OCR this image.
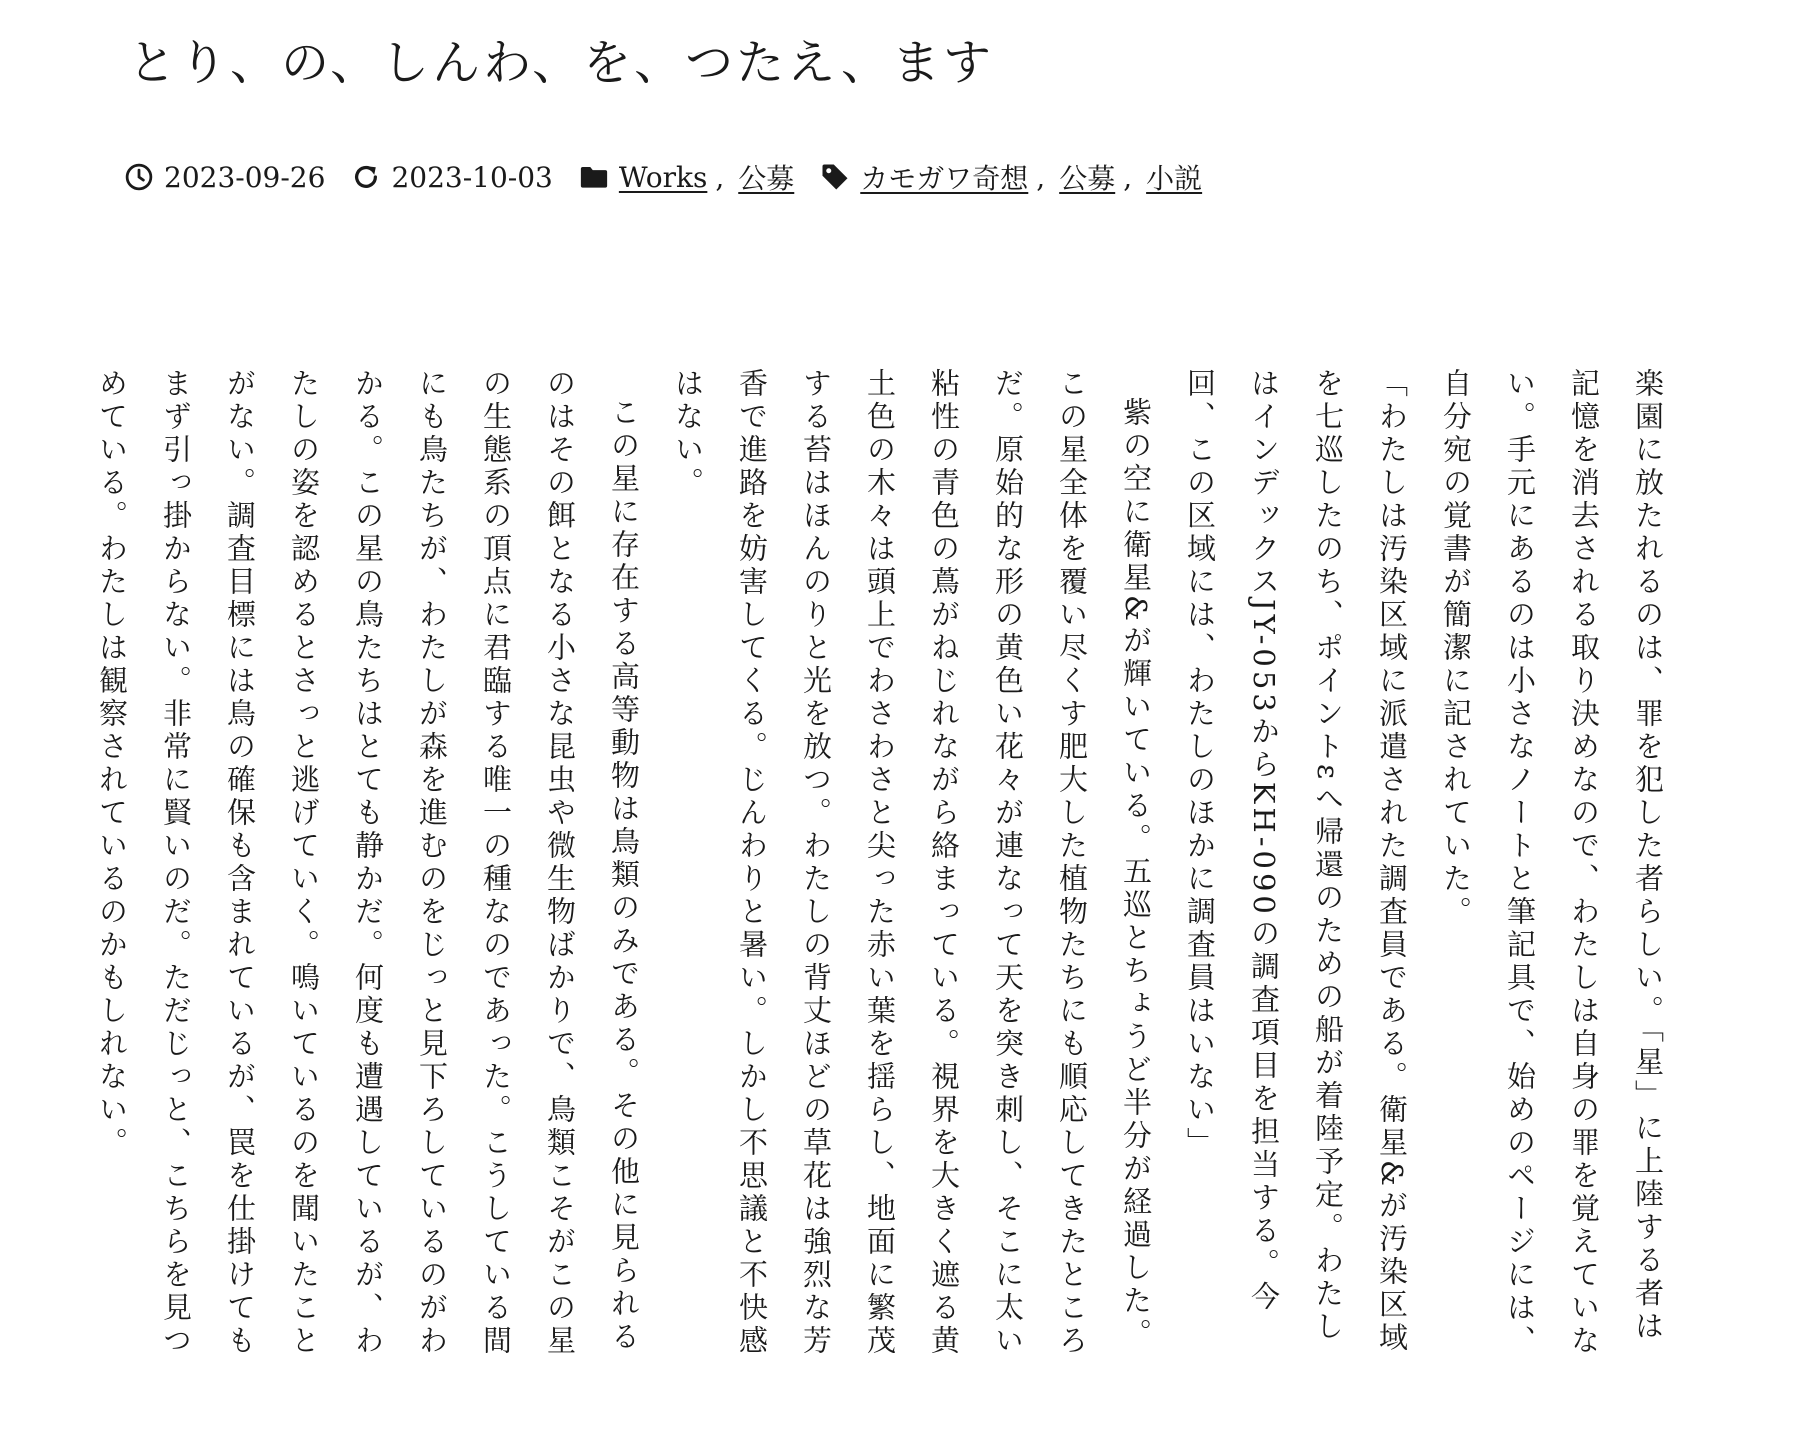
とり、の、しんわ、を、つたえ、ます
2023-09-26 2023-10-03 Works , 公募 カモガワ奇想 , 公募 , 小説

楽園に放たれるのは、罪を犯した者らしい。「星」に上陸する者は記憶を消去される取り決めなので、わたしは自身の罪を覚えていない。手元にあるのは小さなノートと筆記具で、始めのページには、自分宛の覚書が簡潔に記されていた。

「わたしは汚染区域に派遣された調査員である。衛星&が汚染区域を七巡したのち、ポイントεへ帰還のための船が着陸予定。わたしはインデックスJY-053からKH-090の調査項目を担当する。今回、この区域には、わたしのほかに調査員はいない」

紫の空に衛星&が輝いている。五巡とちょうど半分が経過した。この星全体を覆い尽くす肥大した植物たちにも順応してきたところだ。原始的な形の黄色い花々が連なって天を突き刺し、そこに太い粘性の青色の蔦がねじれながら絡まっている。視界を大きく遮る黄土色の木々は頭上でわさわさと尖った赤い葉を揺らし、地面に繁茂する苔はほんのりと光を放つ。わたしの背丈ほどの草花は強烈な芳香で進路を妨害してくる。じんわりと暑い。しかし不思議と不快感はない。

この星に存在する高等動物は鳥類のみである。その他に見られるのはその餌となる小さな昆虫や微生物ばかりで、鳥類こそがこの星の生態系の頂点に君臨する唯一の種なのであった。こうしている間にも鳥たちが、わたしが森を進むのをじっと見下ろしているのがわかる。この星の鳥たちはとても静かだ。何度も遭遇しているが、わたしの姿を認めるとさっと逃げていく。鳴いているのを聞いたことがない。調査目標には鳥の確保も含まれているが、罠を仕掛けてもまず引っ掛からない。非常に賢いのだ。ただじっと、こちらを見つめている。わたしは観察されているのかもしれない。
